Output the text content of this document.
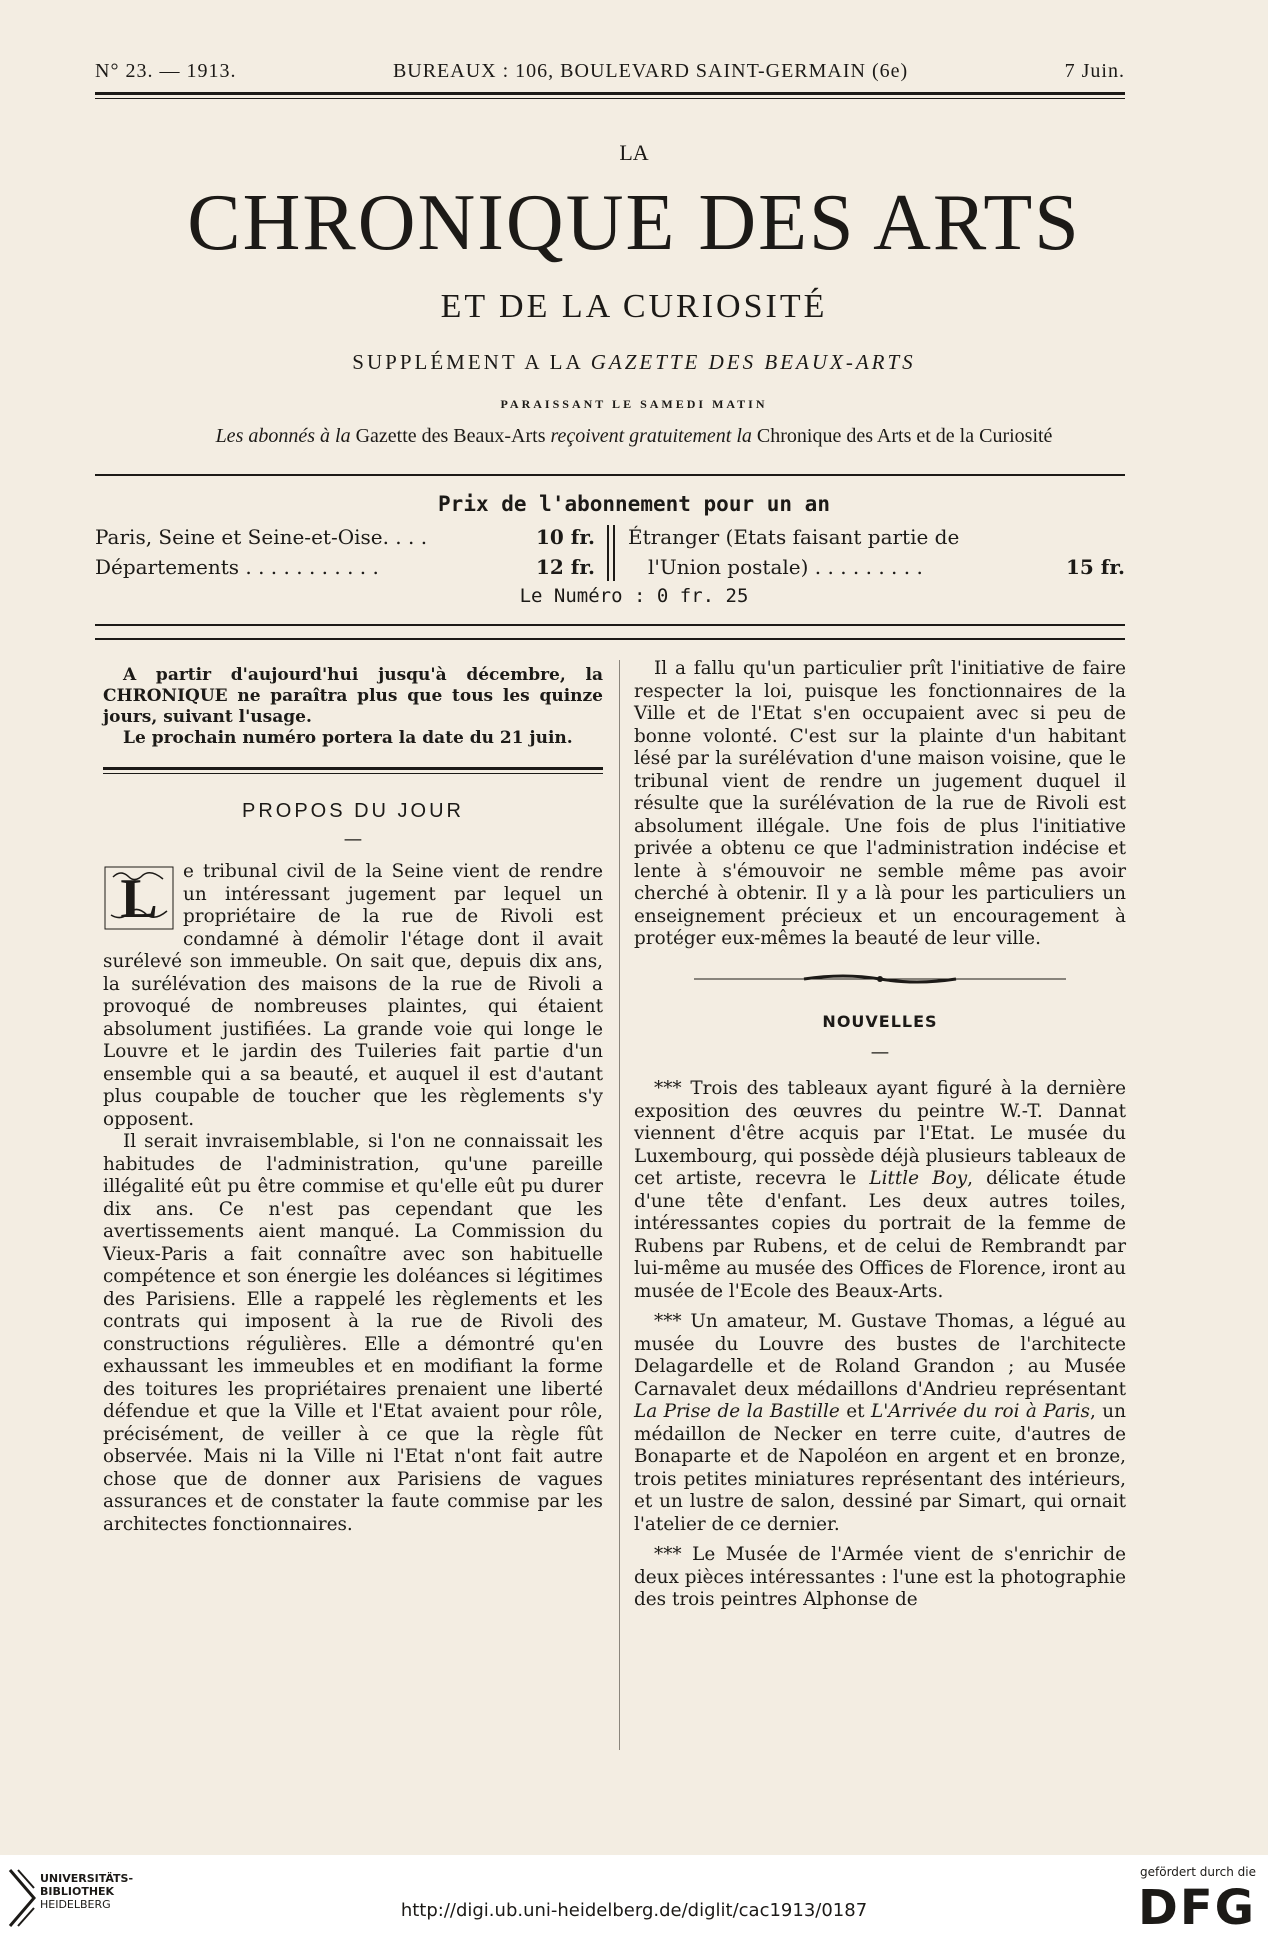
N° 23. — 1913.	BUREAUX : 106, BOULEVARD SAINT-GERMAIN (6e)	7 Juin.
LA
CHRONIQUE DES ARTS
ET DE LA CURIOSITÉ
SUPPLÉMENT A LA GAZETTE DES BEAUX-ARTS
PARAISSANT LE SAMEDI MATIN
Les abonnés à la Gazette des Beaux-Arts reçoivent gratuitement la Chronique des Arts et de la Curiosité
Prix de l'abonnement pour un an
Paris, Seine et Seine-et-Oise. . . .	10 fr.
Départements . . . . . . . . . . .	12 fr.
Étranger (Etats faisant partie de
l'Union postale) . . . . . . . . .	15 fr.
Le Numéro : 0 fr. 25

A partir d'aujourd'hui jusqu'à décembre, la CHRONIQUE ne paraîtra plus que tous les quinze jours, suivant l'usage.

Le prochain numéro portera la date du 21 juin.

PROPOS DU JOUR
—

L e tribunal civil de la Seine vient de rendre un intéressant jugement par lequel un propriétaire de la rue de Rivoli est condamné à démolir l'étage dont il avait surélevé son immeuble. On sait que, depuis dix ans, la surélévation des maisons de la rue de Rivoli a provoqué de nombreuses plaintes, qui étaient absolument justifiées. La grande voie qui longe le Louvre et le jardin des Tuileries fait partie d'un ensemble qui a sa beauté, et auquel il est d'autant plus coupable de toucher que les règlements s'y opposent.

Il serait invraisemblable, si l'on ne connaissait les habitudes de l'administration, qu'une pareille illégalité eût pu être commise et qu'elle eût pu durer dix ans. Ce n'est pas cependant que les avertissements aient manqué. La Commission du Vieux-Paris a fait connaître avec son habituelle compétence et son énergie les doléances si légitimes des Parisiens. Elle a rappelé les règlements et les contrats qui imposent à la rue de Rivoli des constructions régulières. Elle a démontré qu'en exhaussant les immeubles et en modifiant la forme des toitures les propriétaires prenaient une liberté défendue et que la Ville et l'Etat avaient pour rôle, précisément, de veiller à ce que la règle fût observée. Mais ni la Ville ni l'Etat n'ont fait autre chose que de donner aux Parisiens de vagues assurances et de constater la faute commise par les architectes fonctionnaires.

Il a fallu qu'un particulier prît l'initiative de faire respecter la loi, puisque les fonctionnaires de la Ville et de l'Etat s'en occupaient avec si peu de bonne volonté. C'est sur la plainte d'un habitant lésé par la surélévation d'une maison voisine, que le tribunal vient de rendre un jugement duquel il résulte que la surélévation de la rue de Rivoli est absolument illégale. Une fois de plus l'initiative privée a obtenu ce que l'administration indécise et lente à s'émouvoir ne semble même pas avoir cherché à obtenir. Il y a là pour les particuliers un enseignement précieux et un encouragement à protéger eux-mêmes la beauté de leur ville.

NOUVELLES
—

*** Trois des tableaux ayant figuré à la dernière exposition des œuvres du peintre W.-T. Dannat viennent d'être acquis par l'Etat. Le musée du Luxembourg, qui possède déjà plusieurs tableaux de cet artiste, recevra le Little Boy, délicate étude d'une tête d'enfant. Les deux autres toiles, intéressantes copies du portrait de la femme de Rubens par Rubens, et de celui de Rembrandt par lui-même au musée des Offices de Florence, iront au musée de l'Ecole des Beaux-Arts.

*** Un amateur, M. Gustave Thomas, a légué au musée du Louvre des bustes de l'architecte Delagardelle et de Roland Grandon ; au Musée Carnavalet deux médaillons d'Andrieu représentant La Prise de la Bastille et L'Arrivée du roi à Paris, un médaillon de Necker en terre cuite, d'autres de Bonaparte et de Napoléon en argent et en bronze, trois petites miniatures représentant des intérieurs, et un lustre de salon, dessiné par Simart, qui ornait l'atelier de ce dernier.

*** Le Musée de l'Armée vient de s'enrichir de deux pièces intéressantes : l'une est la photographie des trois peintres Alphonse de

UNIVERSITÄTS-
BIBLIOTHEK
HEIDELBERG	http://digi.ub.uni-heidelberg.de/diglit/cac1913/0187
gefördert durch die
DFG
